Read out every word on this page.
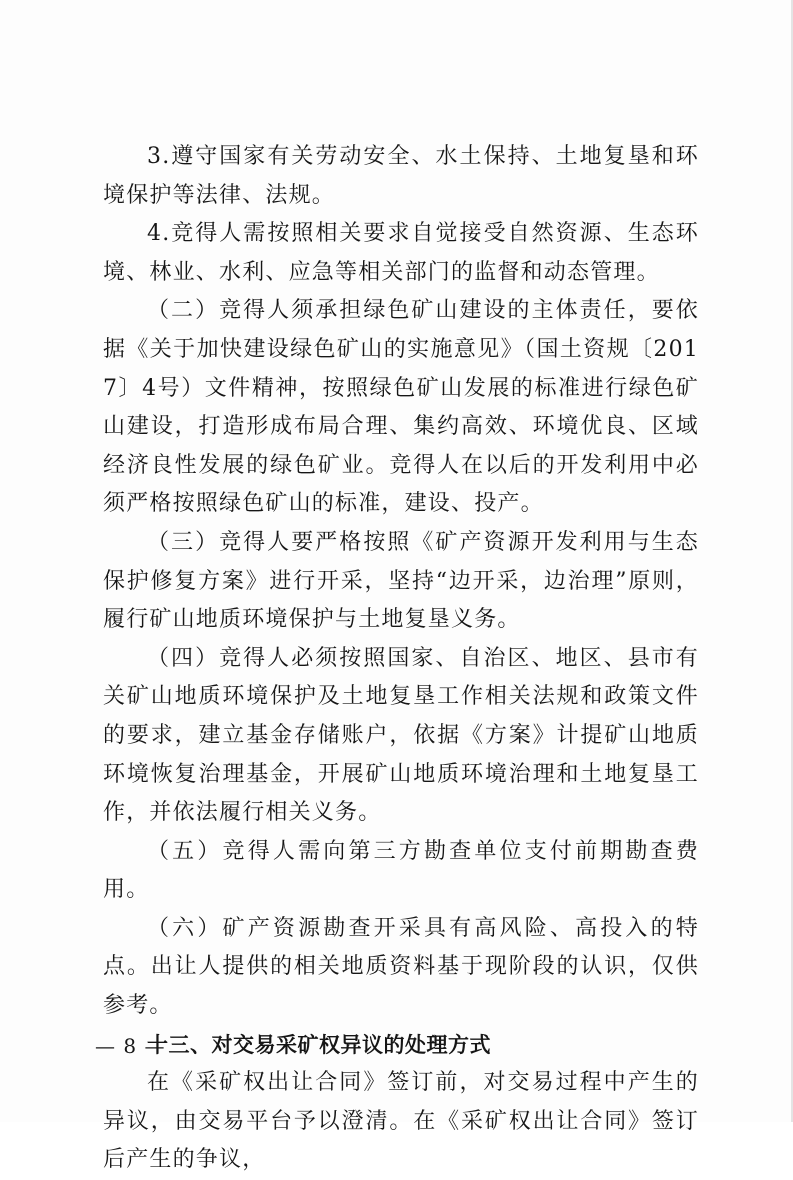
3.遵守国家有关劳动安全、水土保持、土地复垦和环境保护等法律、法规。

4.竞得人需按照相关要求自觉接受自然资源、生态环境、林业、水利、应急等相关部门的监督和动态管理。

（二）竞得人须承担绿色矿山建设的主体责任，要依据《关于加快建设绿色矿山的实施意见》（国土资规〔2017〕4号）文件精神，按照绿色矿山发展的标准进行绿色矿山建设，打造形成布局合理、集约高效、环境优良、区域经济良性发展的绿色矿业。竞得人在以后的开发利用中必须严格按照绿色矿山的标准，建设、投产。

（三）竞得人要严格按照《矿产资源开发利用与生态保护修复方案》进行开采，坚持“边开采，边治理”原则，履行矿山地质环境保护与土地复垦义务。

（四）竞得人必须按照国家、自治区、地区、县市有关矿山地质环境保护及土地复垦工作相关法规和政策文件的要求，建立基金存储账户，依据《方案》计提矿山地质环境恢复治理基金，开展矿山地质环境治理和土地复垦工作，并依法履行相关义务。

（五）竞得人需向第三方勘查单位支付前期勘查费用。

（六）矿产资源勘查开采具有高风险、高投入的特点。出让人提供的相关地质资料基于现阶段的认识，仅供参考。

十三、对交易采矿权异议的处理方式

在《采矿权出让合同》签订前，对交易过程中产生的异议，由交易平台予以澄清。在《采矿权出让合同》签订后产生的争议，

— 8 —
